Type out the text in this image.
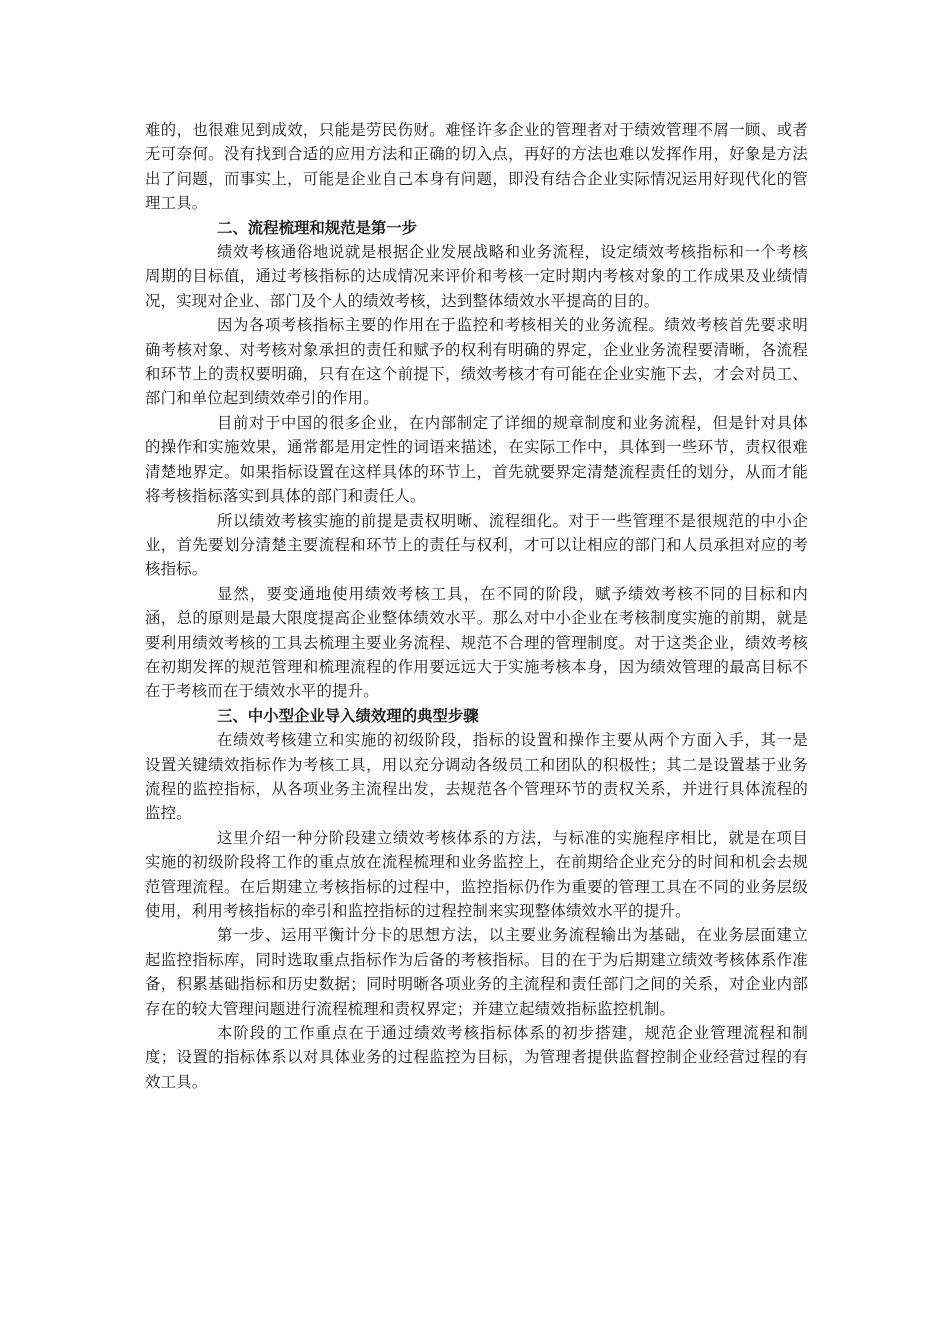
难的，也很难见到成效，只能是劳民伤财。难怪许多企业的管理者对于绩效管理不屑一顾、或者无可奈何。没有找到合适的应用方法和正确的切入点，再好的方法也难以发挥作用，好象是方法出了问题，而事实上，可能是企业自己本身有问题，即没有结合企业实际情况运用好现代化的管理工具。

二、流程梳理和规范是第一步

绩效考核通俗地说就是根据企业发展战略和业务流程，设定绩效考核指标和一个考核周期的目标值，通过考核指标的达成情况来评价和考核一定时期内考核对象的工作成果及业绩情况，实现对企业、部门及个人的绩效考核，达到整体绩效水平提高的目的。

因为各项考核指标主要的作用在于监控和考核相关的业务流程。绩效考核首先要求明确考核对象、对考核对象承担的责任和赋予的权利有明确的界定，企业业务流程要清晰，各流程和环节上的责权要明确，只有在这个前提下，绩效考核才有可能在企业实施下去，才会对员工、部门和单位起到绩效牵引的作用。

目前对于中国的很多企业，在内部制定了详细的规章制度和业务流程，但是针对具体的操作和实施效果，通常都是用定性的词语来描述，在实际工作中，具体到一些环节，责权很难清楚地界定。如果指标设置在这样具体的环节上，首先就要界定清楚流程责任的划分，从而才能将考核指标落实到具体的部门和责任人。

所以绩效考核实施的前提是责权明晰、流程细化。对于一些管理不是很规范的中小企业，首先要划分清楚主要流程和环节上的责任与权利，才可以让相应的部门和人员承担对应的考核指标。

显然，要变通地使用绩效考核工具，在不同的阶段，赋予绩效考核不同的目标和内涵，总的原则是最大限度提高企业整体绩效水平。那么对中小企业在考核制度实施的前期，就是要利用绩效考核的工具去梳理主要业务流程、规范不合理的管理制度。对于这类企业，绩效考核在初期发挥的规范管理和梳理流程的作用要远远大于实施考核本身，因为绩效管理的最高目标不在于考核而在于绩效水平的提升。

三、中小型企业导入绩效理的典型步骤

在绩效考核建立和实施的初级阶段，指标的设置和操作主要从两个方面入手，其一是设置关键绩效指标作为考核工具，用以充分调动各级员工和团队的积极性；其二是设置基于业务流程的监控指标，从各项业务主流程出发，去规范各个管理环节的责权关系，并进行具体流程的监控。

这里介绍一种分阶段建立绩效考核体系的方法，与标准的实施程序相比，就是在项目实施的初级阶段将工作的重点放在流程梳理和业务监控上，在前期给企业充分的时间和机会去规范管理流程。在后期建立考核指标的过程中，监控指标仍作为重要的管理工具在不同的业务层级使用，利用考核指标的牵引和监控指标的过程控制来实现整体绩效水平的提升。

第一步、运用平衡计分卡的思想方法，以主要业务流程输出为基础，在业务层面建立起监控指标库，同时选取重点指标作为后备的考核指标。目的在于为后期建立绩效考核体系作准备，积累基础指标和历史数据；同时明晰各项业务的主流程和责任部门之间的关系，对企业内部存在的较大管理问题进行流程梳理和责权界定；并建立起绩效指标监控机制。

本阶段的工作重点在于通过绩效考核指标体系的初步搭建，规范企业管理流程和制度；设置的指标体系以对具体业务的过程监控为目标，为管理者提供监督控制企业经营过程的有效工具。
